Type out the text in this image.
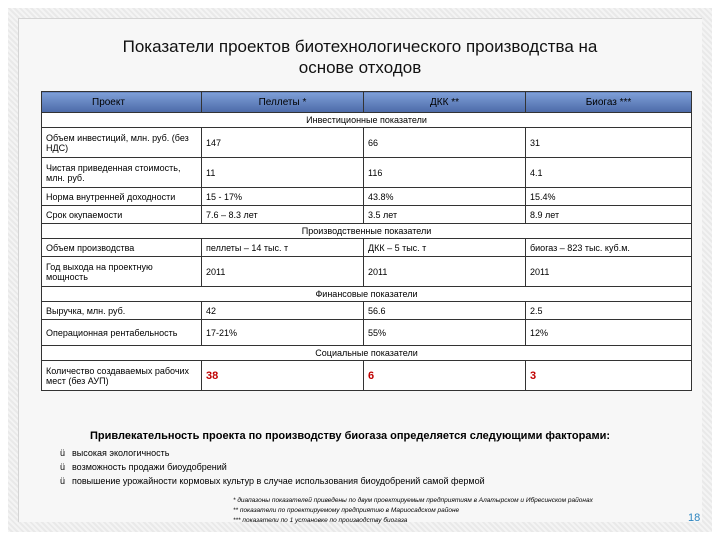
Показатели проектов биотехнологического производства на
основе отходов
Проект	Пеллеты *	ДКК **	Биогаз ***
Инвестиционные показатели			
Объем инвестиций, млн. руб. (без НДС)	147	66	31
Чистая приведенная стоимость, млн. руб.	11	116	4.1
Норма внутренней доходности	15 - 17%	43.8%	15.4%
Срок окупаемости	7.6 – 8.3 лет	3.5 лет	8.9 лет
Производственные показатели			
Объем производства	пеллеты – 14 тыс. т	ДКК – 5 тыс. т	биогаз – 823 тыс. куб.м.
Год выхода на проектную мощность	2011	2011	2011
Финансовые показатели			
Выручка, млн. руб.	42	56.6	2.5
Операционная рентабельность	17-21%	55%	12%
Социальные показатели			
Количество создаваемых рабочих мест (без АУП)	38	6	3
Привлекательность проекта по производству биогаза определяется следующими факторами:
ü высокая экологичность
ü возможность продажи биоудобрений
ü повышение урожайности кормовых культур в случае использования биоудобрений самой фермой
* диапазоны показателей приведены по двум проектируемым предприятиям в Алатырском и Ибресинском районах
** показатели по проектируемому предприятию в Мариосадском районе
*** показатели по 1 установке по производству биогаза	18
